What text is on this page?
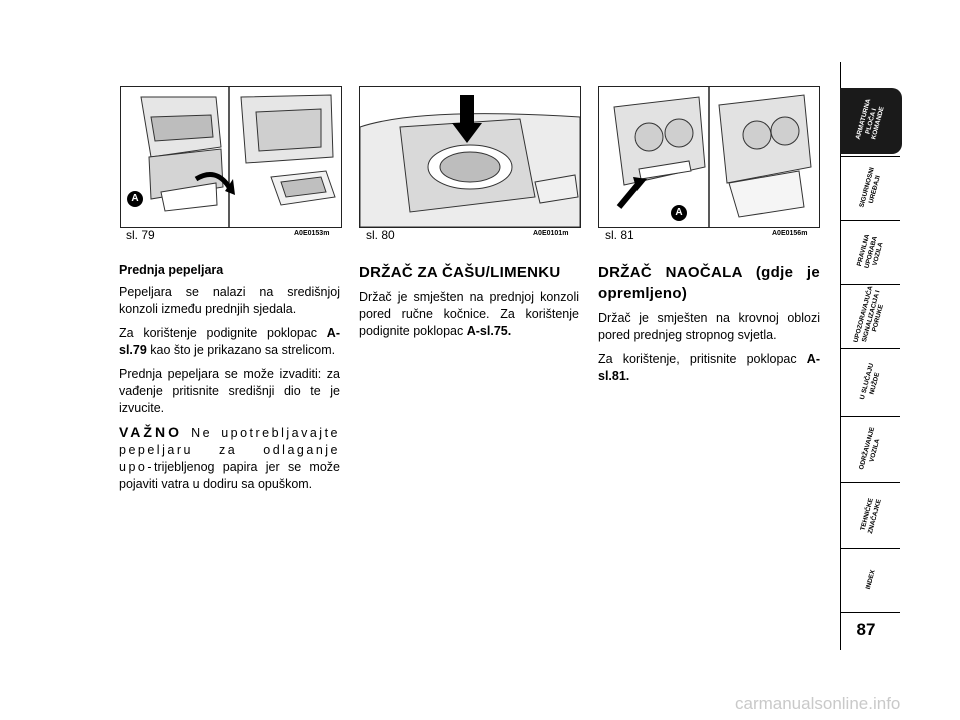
A
sl. 79	A0E0153m	sl. 80	A0E0101m
A
sl. 81	A0E0156m
Prednja pepeljara

Pepeljara se nalazi na središnjoj konzoli između prednjih sjedala.

Za korištenje podignite poklopac A-sl.79 kao što je prikazano sa strelicom.

Prednja pepeljara se može izvaditi: za vađenje pritisnite središnji dio te je izvucite.

VAŽNO Ne upotrebljavajte pepeljaru za odlaganje upo-trijebljenog papira jer se može pojaviti vatra u dodiru sa opuškom.

DRŽAČ ZA ČAŠU/LIMENKU

Držač je smješten na prednjoj konzoli pored ručne kočnice. Za korištenje podignite poklopac A-sl.75.

DRŽAČ NAOČALA (gdje je opremljeno)

Držač je smješten na krovnoj oblozi pored prednjeg stropnog svjetla.

Za korištenje, pritisnite poklopac A-sl.81.

ARMATURNA
PLOČA I
KOMANDE
SIGURNOSNI
UREĐAJI
PRAVILNA
UPORABA
VOZILA
UPOZORAVAJUĆA
SIGNALIZACIJA I
PORUKE
U SLUČAJU
NUŽDE
ODRŽAVANJE
VOZILA
TEHNIČKE
ZNAČAJKE
INDEX
87
carmanualsonline.info
